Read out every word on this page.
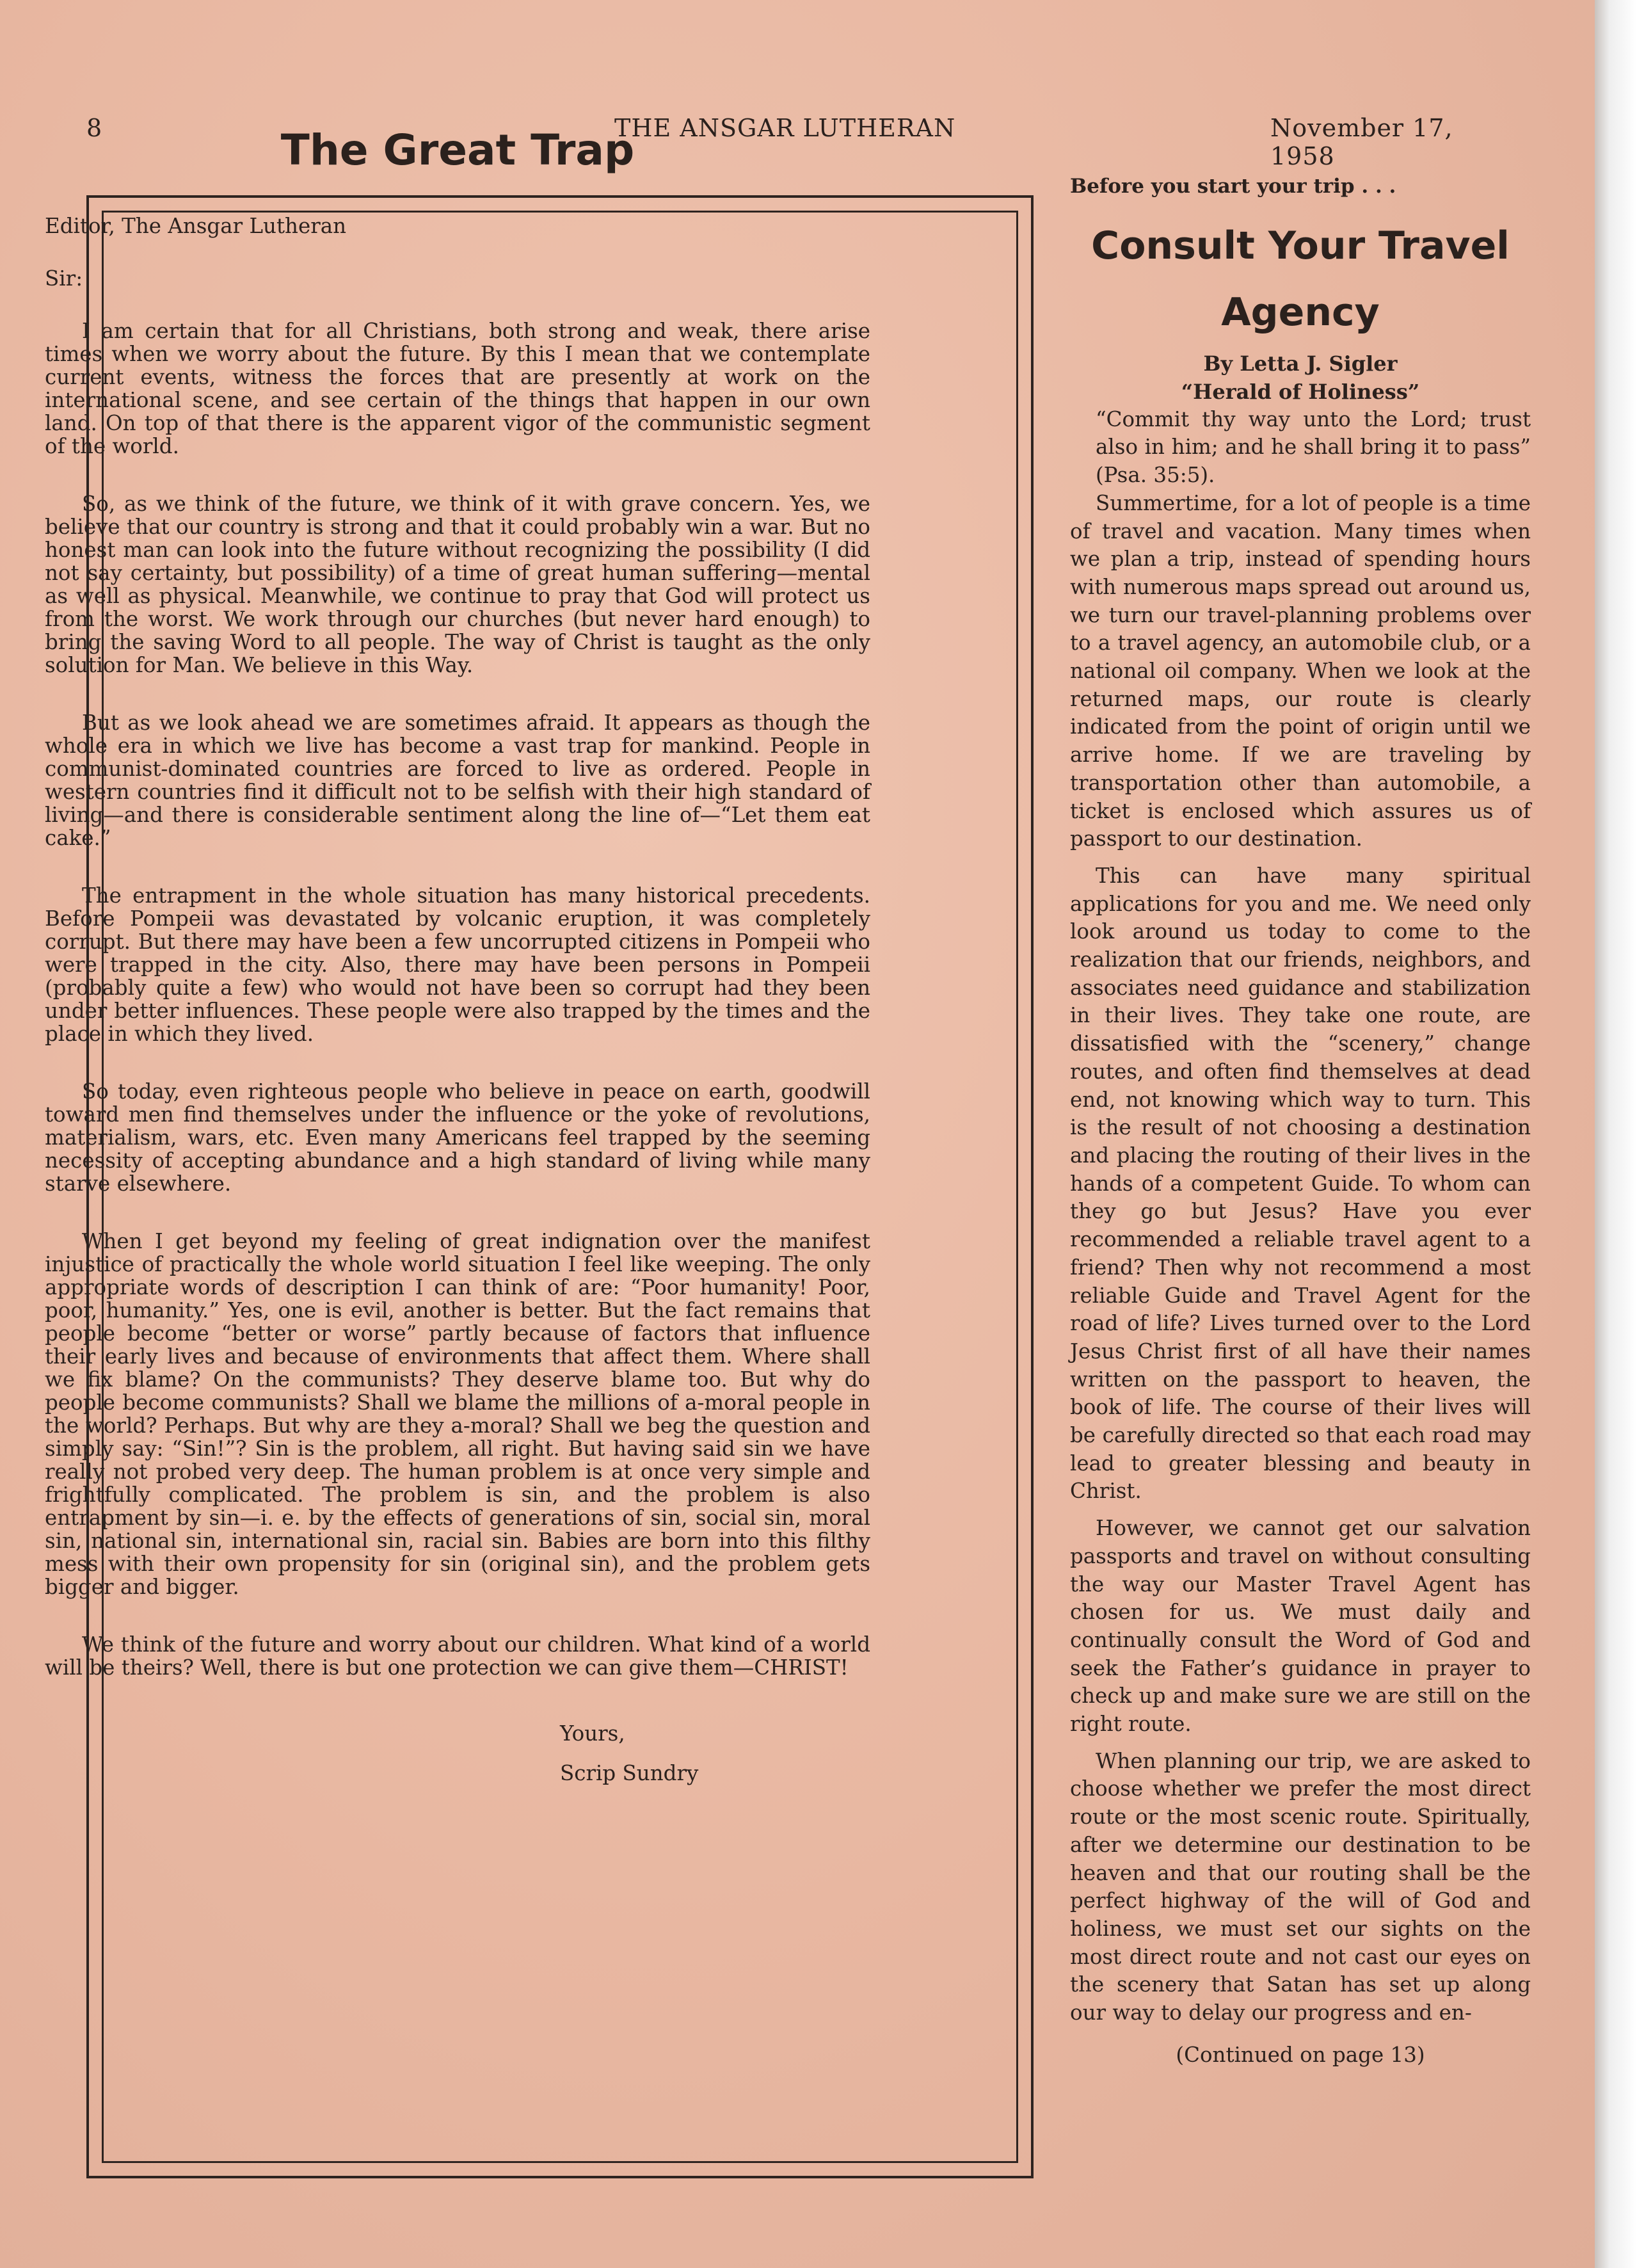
8	THE ANSGAR LUTHERAN	November 17, 1958
The Great Trap
Editor, The Ansgar Lutheran
Sir:

I am certain that for all Christians, both strong and weak, there arise times when we worry about the future. By this I mean that we contemplate current events, witness the forces that are presently at work on the international scene, and see certain of the things that happen in our own land. On top of that there is the apparent vigor of the communistic segment of the world.

So, as we think of the future, we think of it with grave concern. Yes, we believe that our country is strong and that it could probably win a war. But no honest man can look into the future without recognizing the possibility (I did not say certainty, but possibility) of a time of great human suffering—mental as well as physical. Meanwhile, we continue to pray that God will protect us from the worst. We work through our churches (but never hard enough) to bring the saving Word to all people. The way of Christ is taught as the only solution for Man. We believe in this Way.

But as we look ahead we are sometimes afraid. It appears as though the whole era in which we live has become a vast trap for mankind. People in communist-dominated countries are forced to live as ordered. People in western countries find it difficult not to be selfish with their high standard of living—and there is considerable sentiment along the line of—“Let them eat cake.”

The entrapment in the whole situation has many historical precedents. Before Pompeii was devastated by volcanic eruption, it was completely corrupt. But there may have been a few uncorrupted citizens in Pompeii who were trapped in the city. Also, there may have been persons in Pompeii (probably quite a few) who would not have been so corrupt had they been under better influences. These people were also trapped by the times and the place in which they lived.

So today, even righteous people who believe in peace on earth, goodwill toward men find themselves under the influence or the yoke of revolutions, materialism, wars, etc. Even many Americans feel trapped by the seeming necessity of accepting abundance and a high standard of living while many starve elsewhere.

When I get beyond my feeling of great indignation over the manifest injustice of practically the whole world situation I feel like weeping. The only appropriate words of description I can think of are: “Poor humanity! Poor, poor, humanity.” Yes, one is evil, another is better. But the fact remains that people become “better or worse” partly because of factors that influence their early lives and because of environments that affect them. Where shall we fix blame? On the communists? They deserve blame too. But why do people become communists? Shall we blame the millions of a-moral people in the world? Perhaps. But why are they a-moral? Shall we beg the question and simply say: “Sin!”? Sin is the problem, all right. But having said sin we have really not probed very deep. The human problem is at once very simple and frightfully complicated. The problem is sin, and the problem is also entrapment by sin—i. e. by the effects of generations of sin, social sin, moral sin, national sin, international sin, racial sin. Babies are born into this filthy mess with their own propensity for sin (original sin), and the problem gets bigger and bigger.

We think of the future and worry about our children. What kind of a world will be theirs? Well, there is but one protection we can give them—CHRIST!

Yours,
Scrip Sundry
Before you start your trip . . .
Consult Your Travel Agency
By Letta J. Sigler
“Herald of Holiness”

“Commit thy way unto the Lord; trust also in him; and he shall bring it to pass” (Psa. 35:5).

Summertime, for a lot of people is a time of travel and vacation. Many times when we plan a trip, instead of spending hours with numerous maps spread out around us, we turn our travel-planning problems over to a travel agency, an automobile club, or a national oil company. When we look at the returned maps, our route is clearly indicated from the point of origin until we arrive home. If we are traveling by transportation other than automobile, a ticket is enclosed which assures us of passport to our destination.

This can have many spiritual applications for you and me. We need only look around us today to come to the realization that our friends, neighbors, and associates need guidance and stabilization in their lives. They take one route, are dissatisfied with the “scenery,” change routes, and often find themselves at dead end, not knowing which way to turn. This is the result of not choosing a destination and placing the routing of their lives in the hands of a competent Guide. To whom can they go but Jesus? Have you ever recommended a reliable travel agent to a friend? Then why not recommend a most reliable Guide and Travel Agent for the road of life? Lives turned over to the Lord Jesus Christ first of all have their names written on the passport to heaven, the book of life. The course of their lives will be carefully directed so that each road may lead to greater blessing and beauty in Christ.

However, we cannot get our salvation passports and travel on without consulting the way our Master Travel Agent has chosen for us. We must daily and continually consult the Word of God and seek the Father’s guidance in prayer to check up and make sure we are still on the right route.

When planning our trip, we are asked to choose whether we prefer the most direct route or the most scenic route. Spiritually, after we determine our destination to be heaven and that our routing shall be the perfect highway of the will of God and holiness, we must set our sights on the most direct route and not cast our eyes on the scenery that Satan has set up along our way to delay our progress and en-

(Continued on page 13)
